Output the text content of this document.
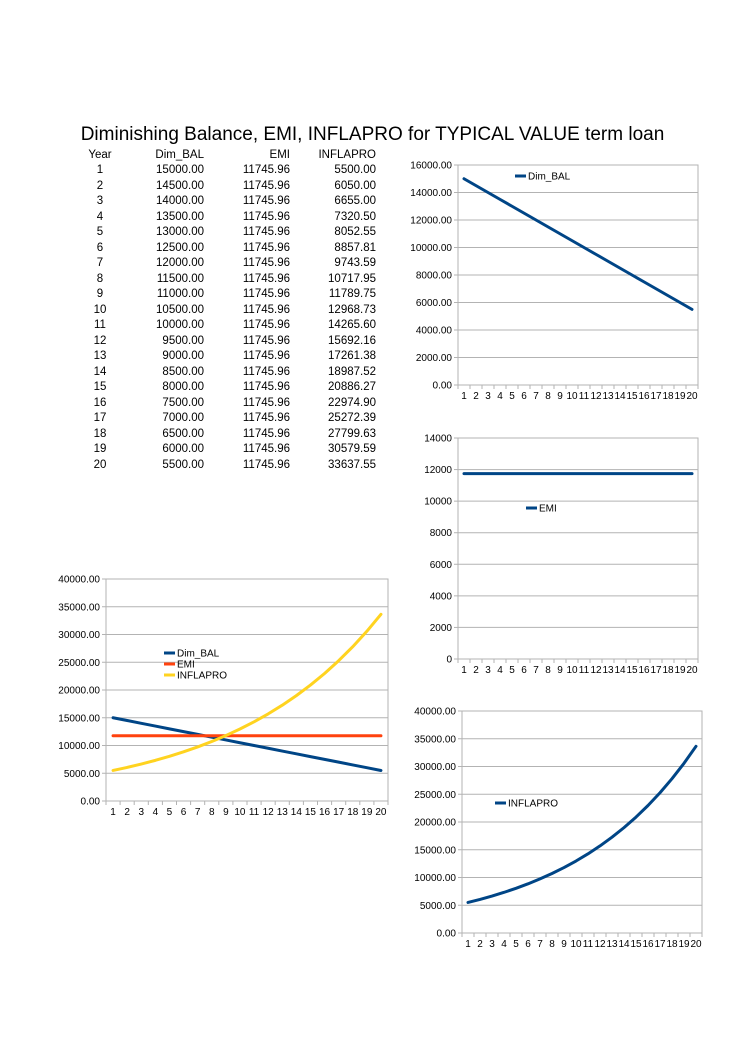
Diminishing Balance, EMI, INFLAPRO for TYPICAL VALUE term loan
Year	Dim_BAL	EMI	INFLAPRO
1	15000.00	11745.96	5500.00
2	14500.00	11745.96	6050.00
3	14000.00	11745.96	6655.00
4	13500.00	11745.96	7320.50
5	13000.00	11745.96	8052.55
6	12500.00	11745.96	8857.81
7	12000.00	11745.96	9743.59
8	11500.00	11745.96	10717.95
9	11000.00	11745.96	11789.75
10	10500.00	11745.96	12968.73
11	10000.00	11745.96	14265.60
12	9500.00	11745.96	15692.16
13	9000.00	11745.96	17261.38
14	8500.00	11745.96	18987.52
15	8000.00	11745.96	20886.27
16	7500.00	11745.96	22974.90
17	7000.00	11745.96	25272.39
18	6500.00	11745.96	27799.63
19	6000.00	11745.96	30579.59
20	5500.00	11745.96	33637.55
0.00
2000.00
4000.00
6000.00
8000.00
10000.00
12000.00
14000.00
16000.00
1 2 3 4 5 6 7 8 9 10 11 12 13 14 15 16 17 18 19 20
Dim_BAL
0
2000
4000
6000
8000
10000
12000
14000
1 2 3 4 5 6 7 8 9 10 11 12 13 14 15 16 17 18 19 20
EMI
0.00
5000.00
10000.00
15000.00
20000.00
25000.00
30000.00
35000.00
40000.00
1 2 3 4 5 6 7 8 9 10 11 12 13 14 15 16 17 18 19 20
INFLAPRO
0.00
5000.00
10000.00
15000.00
20000.00
25000.00
30000.00
35000.00
40000.00
1 2 3 4 5 6 7 8 9 10 11 12 13 14 15 16 17 18 19 20
Dim_BAL
EMI
INFLAPRO
